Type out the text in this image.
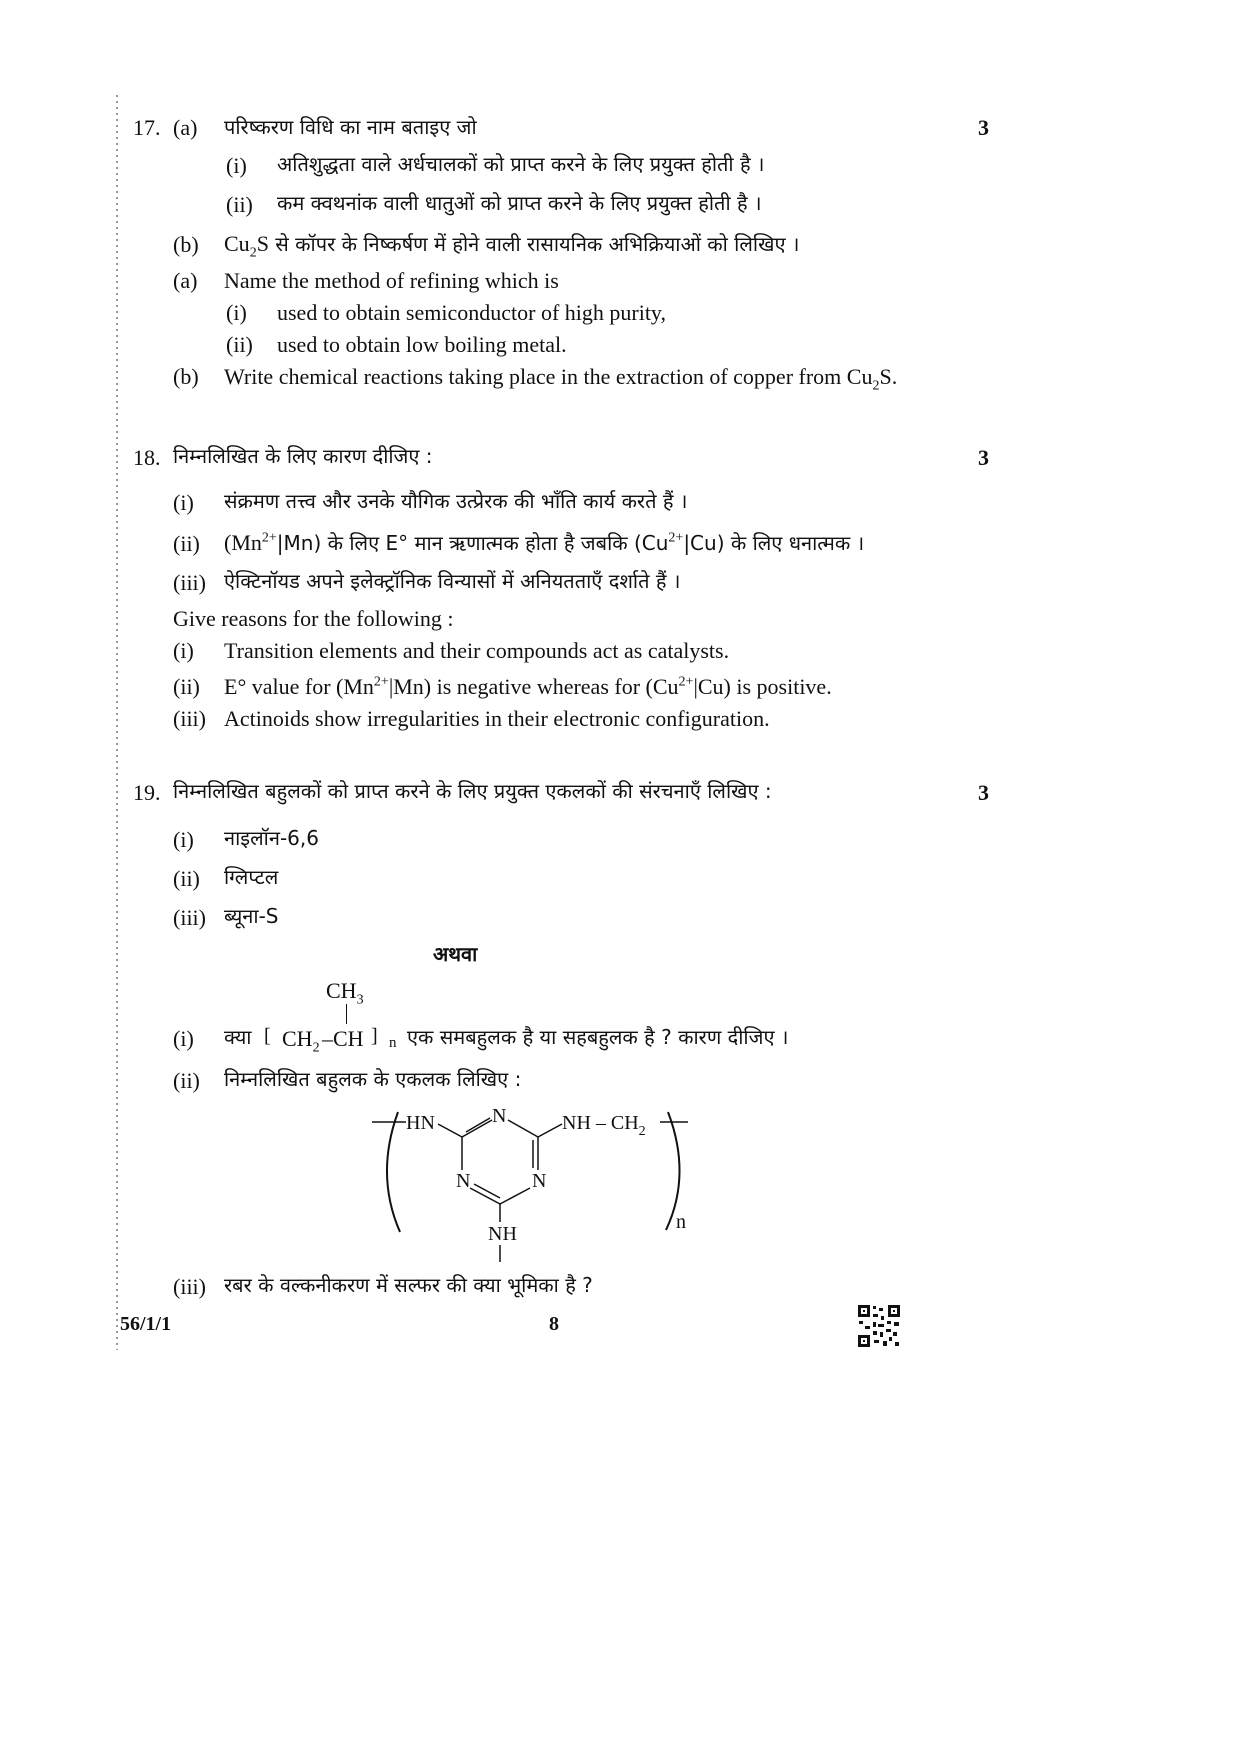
17. (a) परिष्करण विधि का नाम बताइए जो	3
(i) अतिशुद्धता वाले अर्धचालकों को प्राप्त करने के लिए प्रयुक्त होती है ।
(ii) कम क्वथनांक वाली धातुओं को प्राप्त करने के लिए प्रयुक्त होती है ।
(b) $Cu_2S$ से कॉपर के निष्कर्षण में होने वाली रासायनिक अभिक्रियाओं को लिखिए ।
(a) Name the method of refining which is
(i) used to obtain semiconductor of high purity,
(ii) used to obtain low boiling metal.
(b) Write chemical reactions taking place in the extraction of copper from $Cu_2S$.
18. निम्नलिखित के लिए कारण दीजिए :	3
(i) संक्रमण तत्त्व और उनके यौगिक उत्प्रेरक की भाँति कार्य करते हैं ।
(ii) $(Mn^{2+}|Mn)$ के लिए E° मान ऋणात्मक होता है जबकि $(Cu^{2+}|Cu)$ के लिए धनात्मक ।
(iii) ऐक्टिनॉयड अपने इलेक्ट्रॉनिक विन्यासों में अनियतताएँ दर्शाते हैं ।
Give reasons for the following :
(i) Transition elements and their compounds act as catalysts.
(ii) E° value for $(Mn^{2+}|Mn)$ is negative whereas for $(Cu^{2+}|Cu)$ is positive.
(iii) Actinoids show irregularities in their electronic configuration.
19. निम्नलिखित बहुलकों को प्राप्त करने के लिए प्रयुक्त एकलकों की संरचनाएँ लिखिए :	3
(i) नाइलॉन-6,6
(ii) ग्लिप्टल
(iii) ब्यूना-S
अथवा
$CH_3$
(i) क्या [ $CH_2$ –CH ] n एक समबहुलक है या सहबहुलक है ? कारण दीजिए ।
(ii) निम्नलिखित बहुलक के एकलक लिखिए :
HN	N	NH – $CH_2$
N	N
NH
n
(iii) रबर के वल्कनीकरण में सल्फर की क्या भूमिका है ?
56/1/1	8
